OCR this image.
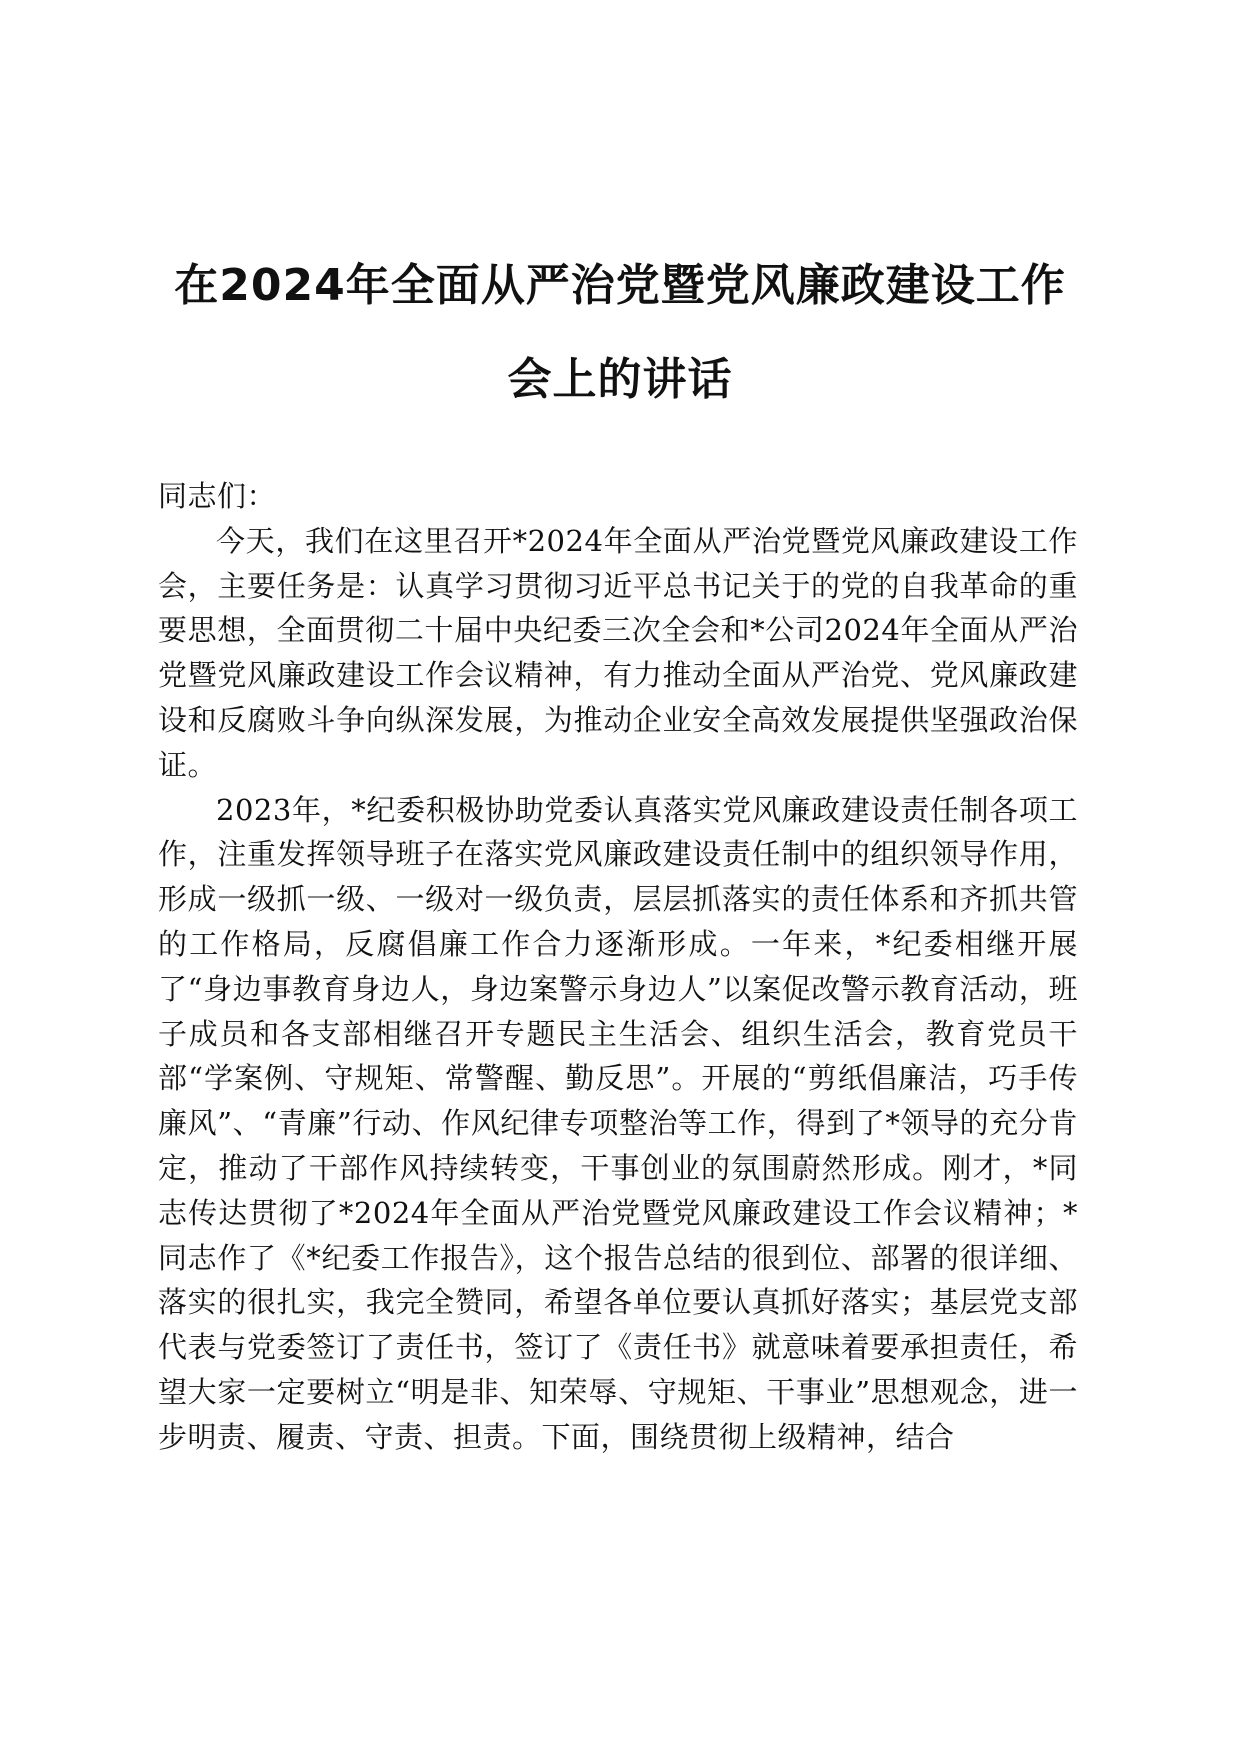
在2024年全面从严治党暨党风廉政建设工作
会上的讲话

同志们：

今天，我们在这里召开*2024年全面从严治党暨党风廉政建设工作会，主要任务是：认真学习贯彻习近平总书记关于的党的自我革命的重要思想，全面贯彻二十届中央纪委三次全会和*公司2024年全面从严治党暨党风廉政建设工作会议精神，有力推动全面从严治党、党风廉政建设和反腐败斗争向纵深发展，为推动企业安全高效发展提供坚强政治保证。

2023年，*纪委积极协助党委认真落实党风廉政建设责任制各项工作，注重发挥领导班子在落实党风廉政建设责任制中的组织领导作用，形成一级抓一级、一级对一级负责，层层抓落实的责任体系和齐抓共管的工作格局，反腐倡廉工作合力逐渐形成。一年来，*纪委相继开展了“身边事教育身边人，身边案警示身边人”以案促改警示教育活动，班子成员和各支部相继召开专题民主生活会、组织生活会，教育党员干部“学案例、守规矩、常警醒、勤反思”。开展的“剪纸倡廉洁，巧手传廉风”、“青廉”行动、作风纪律专项整治等工作，得到了*领导的充分肯定，推动了干部作风持续转变，干事创业的氛围蔚然形成。刚才，*同志传达贯彻了*2024年全面从严治党暨党风廉政建设工作会议精神；*同志作了《*纪委工作报告》，这个报告总结的很到位、部署的很详细、落实的很扎实，我完全赞同，希望各单位要认真抓好落实；基层党支部代表与党委签订了责任书，签订了《责任书》就意味着要承担责任，希望大家一定要树立“明是非、知荣辱、守规矩、干事业”思想观念，进一步明责、履责、守责、担责。下面，围绕贯彻上级精神，结合
